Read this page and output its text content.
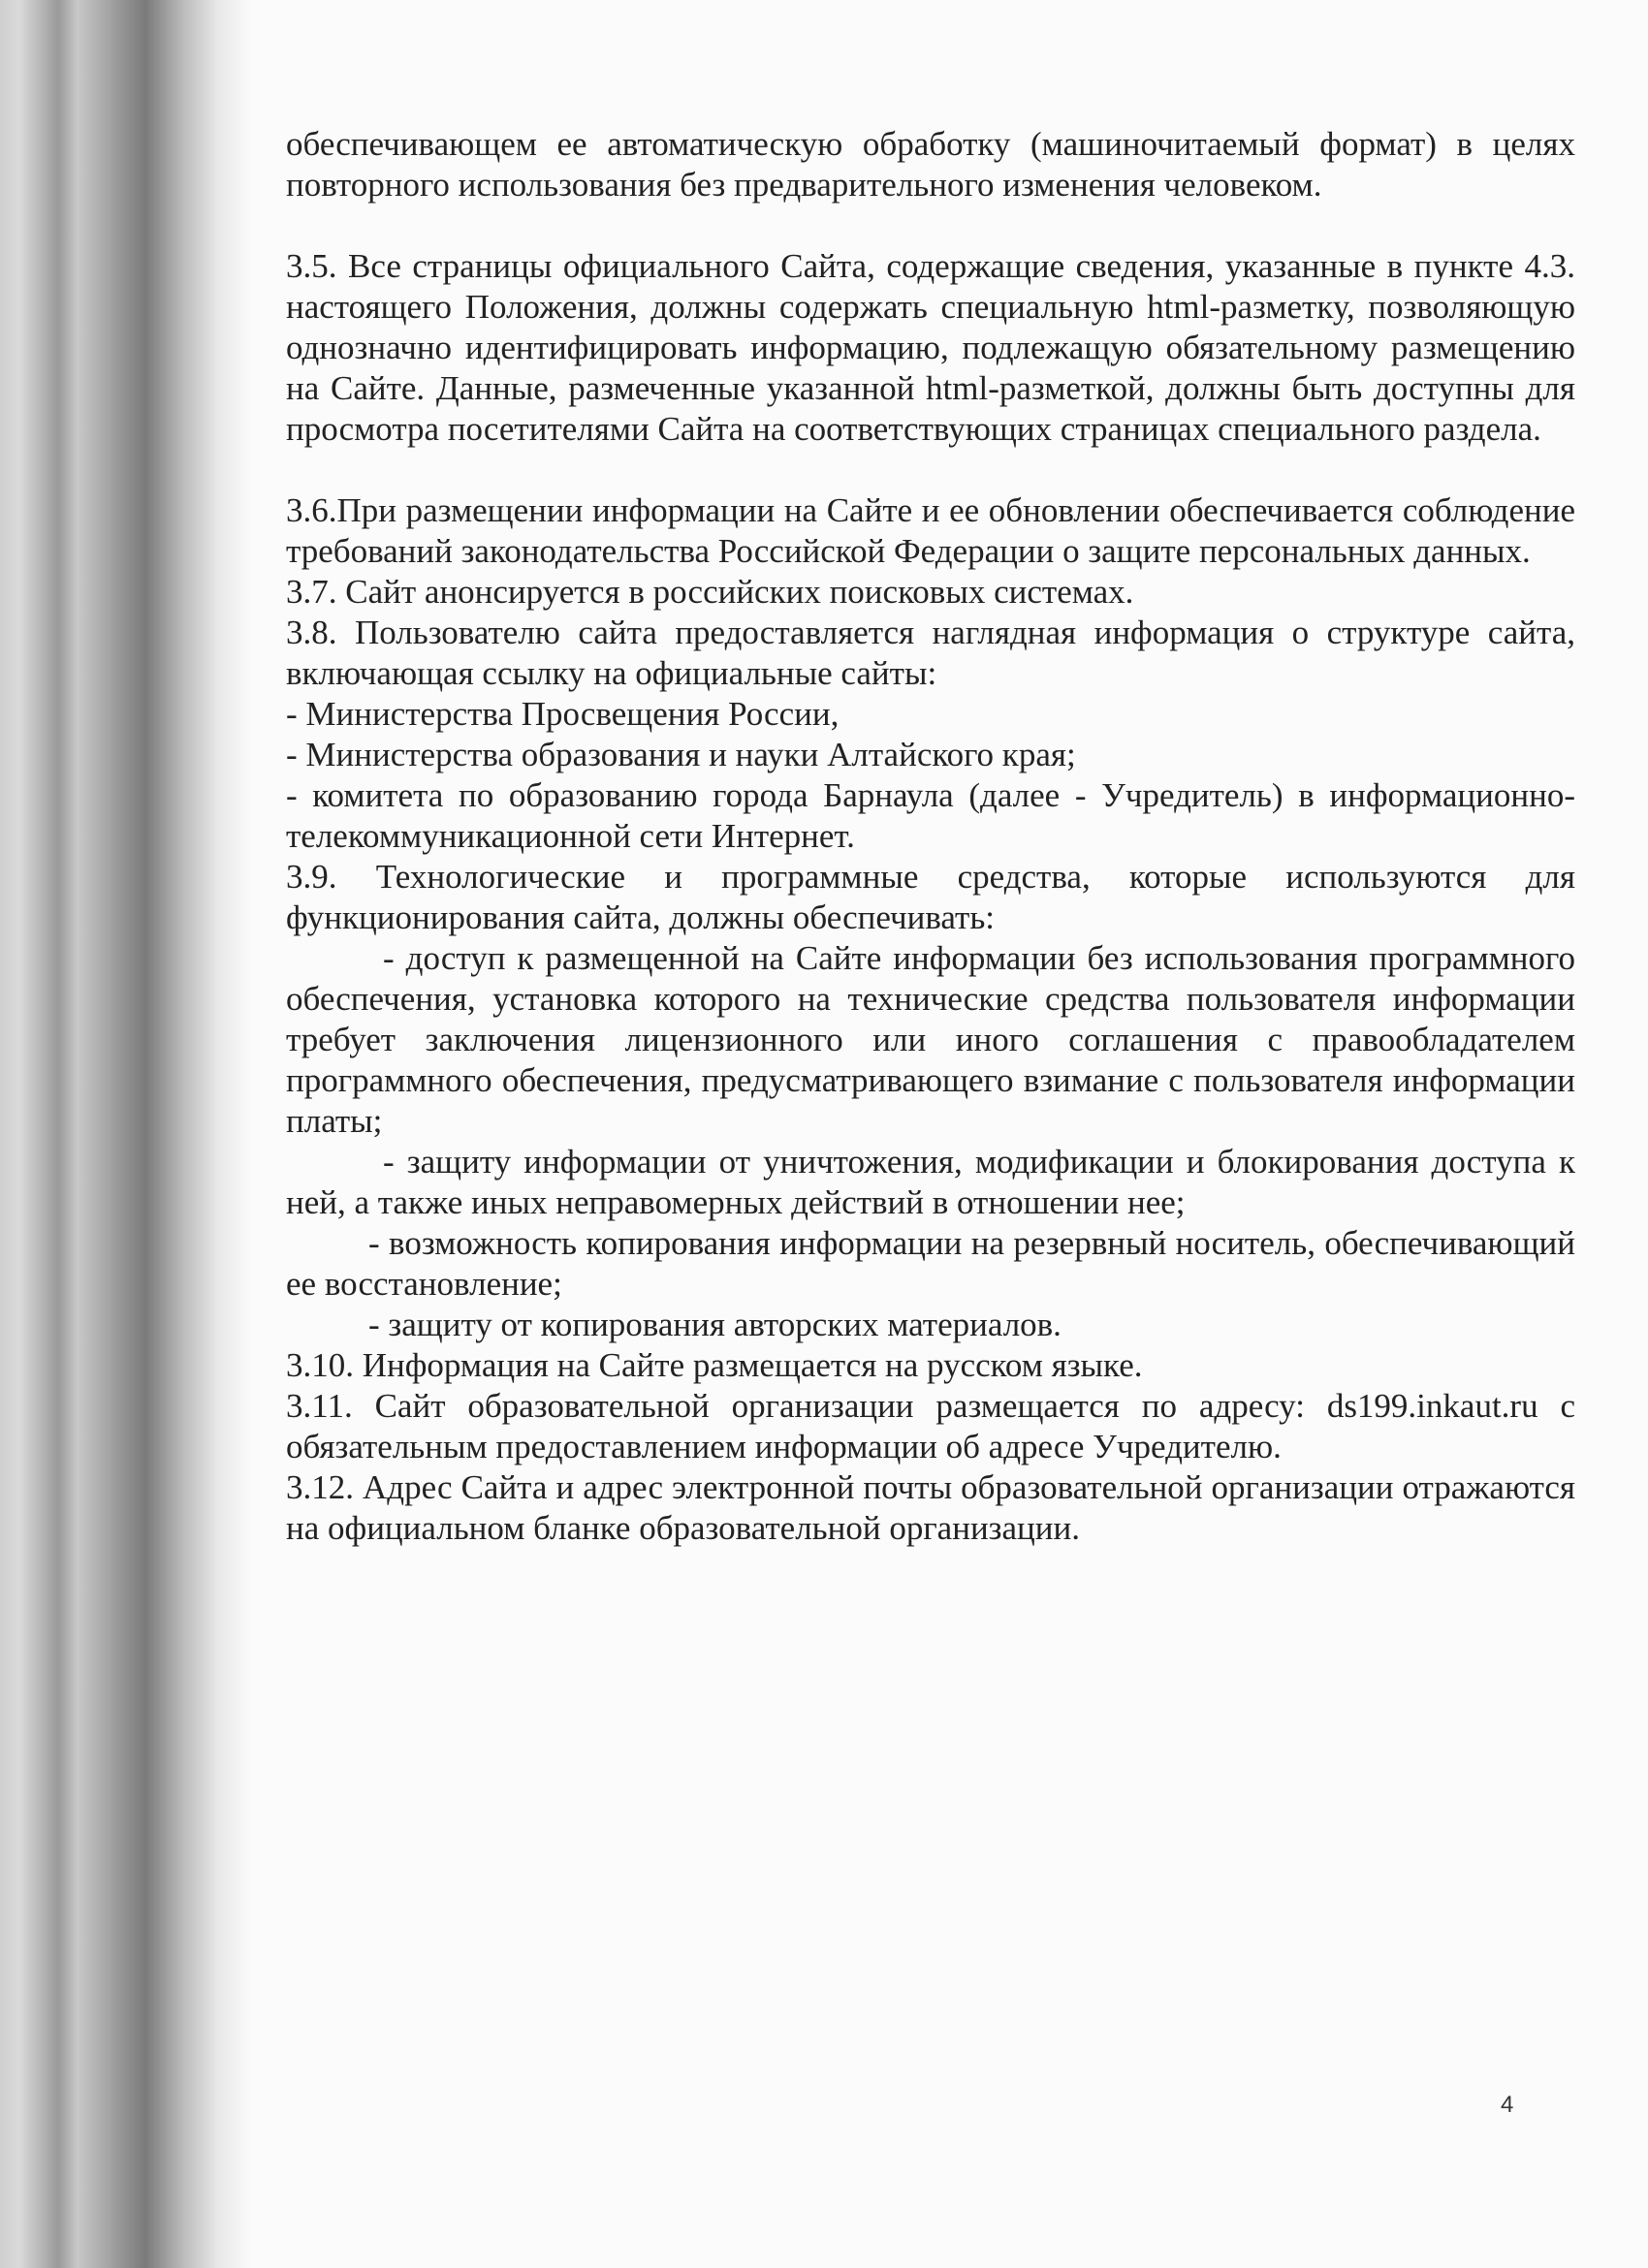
обеспечивающем ее автоматическую обработку (машиночитаемый формат) в целях повторного использования без предварительного изменения человеком.

3.5. Все страницы официального Сайта, содержащие сведения, указанные в пункте 4.3. настоящего Положения, должны содержать специальную html-разметку, позволяющую однозначно идентифицировать информацию, подлежащую обязательному размещению на Сайте. Данные, размеченные указанной html-разметкой, должны быть доступны для просмотра посетителями Сайта на соответствующих страницах специального раздела.

3.6.При размещении информации на Сайте и ее обновлении обеспечивается соблюдение требований законодательства Российской Федерации о защите персональных данных.

3.7. Сайт анонсируется в российских поисковых системах.

3.8. Пользователю сайта предоставляется наглядная информация о структуре сайта, включающая ссылку на официальные сайты:

- Министерства Просвещения России,

- Министерства образования и науки Алтайского края;

- комитета по образованию города Барнаула (далее - Учредитель) в информационно-телекоммуникационной сети Интернет.

3.9. Технологические и программные средства, которые используются для функционирования сайта, должны обеспечивать:

- доступ к размещенной на Сайте информации без использования программного обеспечения, установка которого на технические средства пользователя информации требует заключения лицензионного или иного соглашения с правообладателем программного обеспечения, предусматривающего взимание с пользователя информации платы;

- защиту информации от уничтожения, модификации и блокирования доступа к ней, а также иных неправомерных действий в отношении нее;

- возможность копирования информации на резервный носитель, обеспечивающий ее восстановление;

- защиту от копирования авторских материалов.

3.10. Информация на Сайте размещается на русском языке.

3.11. Сайт образовательной организации размещается по адресу: ds199.inkaut.ru с обязательным предоставлением информации об адресе Учредителю.

3.12. Адрес Сайта и адрес электронной почты образовательной организации отражаются на официальном бланке образовательной организации.

4
